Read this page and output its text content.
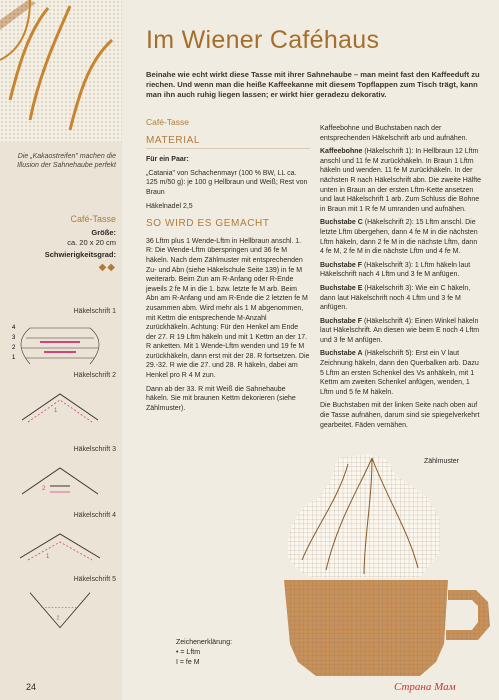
Die „Kakaostreifen" machen die Illusion der Sahnehaube perfekt
Café-Tasse
Größe:
ca. 20 x 20 cm
Schwierigkeitsgrad:
◆◆
Häkelschrift 1
4
3
2
1
Häkelschrift 2
1
Häkelschrift 3
2
Häkelschrift 4
1
Häkelschrift 5
2
Im Wiener Caféhaus
Beinahe wie echt wirkt diese Tasse mit ihrer Sahnehaube – man meint fast den Kaffeeduft zu riechen. Und wenn man die heiße Kaffeekanne mit diesem Topflappen zum Tisch trägt, kann man ihn auch ruhig liegen lassen; er wirkt hier geradezu dekorativ.
Café-Tasse
MATERIAL

Für ein Paar:

„Catania" von Schachenmayr (100 % BW, LL ca. 125 m/50 g): je 100 g Hellbraun und Weiß; Rest von Braun

Häkelnadel 2,5

SO WIRD ES GEMACHT

36 Lftm plus 1 Wende-Lftm in Hellbraun anschl. 1. R: Die Wende-Lftm überspringen und 36 fe M häkeln. Nach dem Zählmuster mit entsprechenden Zu- und Abn (siehe Häkelschule Seite 139) in fe M weiterarb. Beim Zun am R-Anfang oder R-Ende jeweils 2 fe M in die 1. bzw. letzte fe M arb. Beim Abn am R-Anfang und am R-Ende die 2 letzten fe M zusammen abm. Wird mehr als 1 M abgenommen, mit Kettm die entsprechende M-Anzahl zurückhäkeln. Achtung: Für den Henkel am Ende der 27. R 19 Lftm häkeln und mit 1 Kettm an der 17. R anketten. Mit 1 Wende-Lftm wenden und 19 fe M zurückhäkeln, dann erst mit der 28. R fortsetzen. Die 29.-32. R wie die 27. und 28. R häkeln, dabei am Henkel pro R 4 M zun.

Dann ab der 33. R mit Weiß die Sahnehaube häkeln. Sie mit braunen Kettm dekorieren (siehe Zählmuster).

Kaffeebohne und Buchstaben nach der entsprechenden Häkelschrift arb und aufnähen.

Kaffeebohne (Häkelschrift 1): In Hellbraun 12 Lftm anschl und 11 fe M zurückhäkeln. In Braun 1 Lftm häkeln und wenden. 11 fe M zurückhäkeln. In der nächsten R nach Häkelschrift abn. Die zweite Hälfte unten in Braun an der ersten Lftm-Kette ansetzen und laut Häkelschrift 1 arb. Zum Schluss die Bohne in Braun mit 1 R fe M umranden und aufnähen.

Buchstabe C (Häkelschrift 2): 15 Lftm anschl. Die letzte Lftm übergehen, dann 4 fe M in die nächsten Lftm häkeln, dann 2 fe M in die nächste Lftm, dann 4 fe M, 2 fe M in die nächste Lftm und 4 fe M.

Buchstabe F (Häkelschrift 3): 1 Lftm häkeln laut Häkelschrift nach 4 Lftm und 3 fe M anfügen.

Buchstabe E (Häkelschrift 3): Wie ein C häkeln, dann laut Häkelschrift noch 4 Lftm und 3 fe M anfügen.

Buchstabe F (Häkelschrift 4): Einen Winkel häkeln laut Häkelschrift. An diesen wie beim E noch 4 Lftm und 3 fe M anfügen.

Buchstabe A (Häkelschrift 5): Erst ein V laut Zeichnung häkeln, dann den Querbalken arb. Dazu 5 Lftm an ersten Schenkel des Vs anhäkeln, mit 1 Kettm am zweiten Schenkel anfügen, wenden, 1 Lftm und 5 fe M häkeln.

Die Buchstaben mit der linken Seite nach oben auf die Tasse aufnähen, darum sind sie spiegelverkehrt gearbeitet. Fäden vernähen.

Zählmuster
Zeichenerklärung:
• = Lftm
I = fe M
24	Страна Мам
